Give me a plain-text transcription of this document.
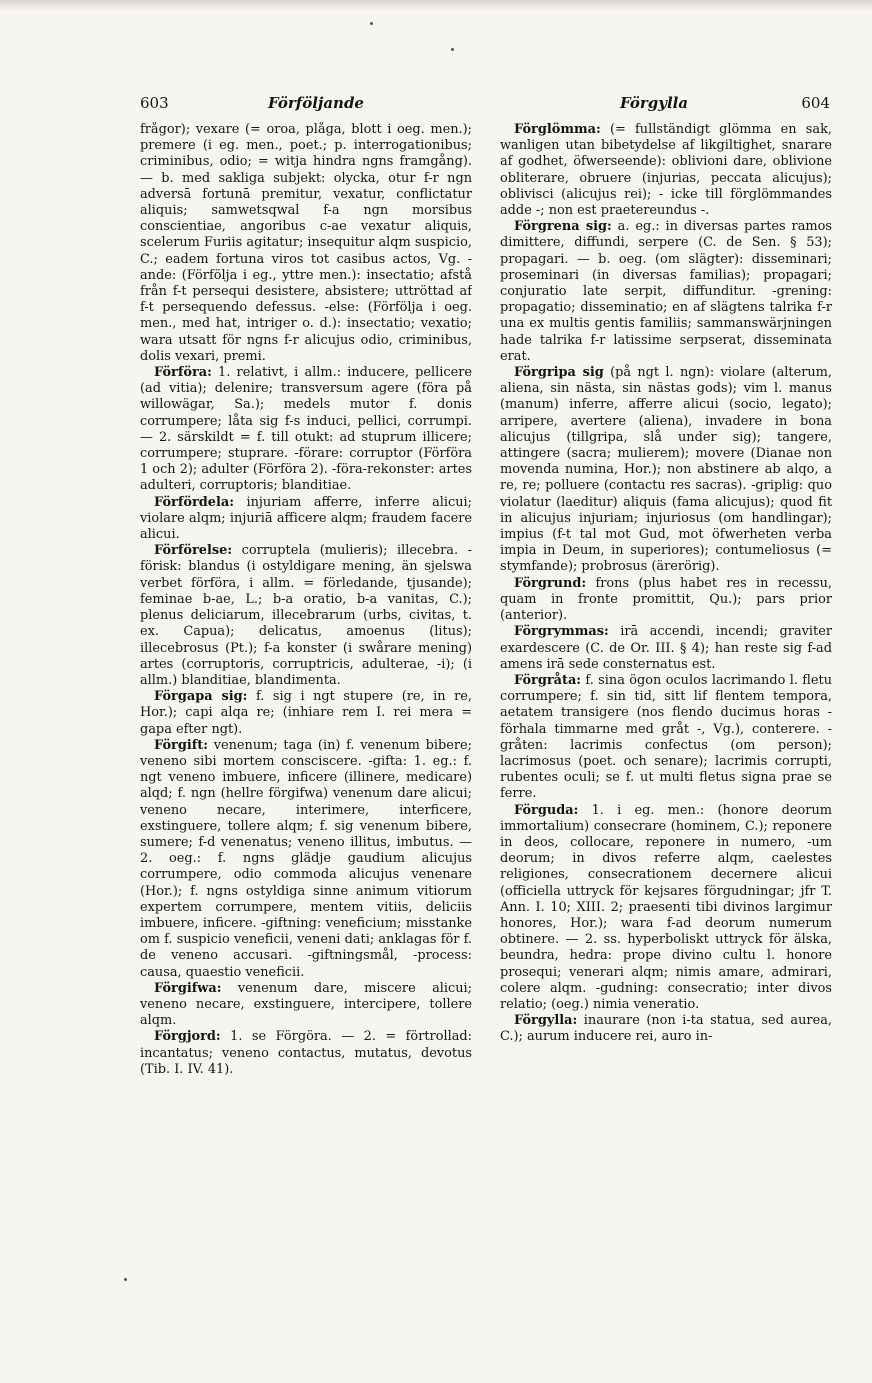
603	Förföljande	Förgylla	604

frågor); vexare (= oroa, plåga, blott i oeg. men.); premere (i eg. men., poet.; p. interrogationibus; criminibus, odio; = witja hindra ngns framgång). — b. med sakliga subjekt: olycka, otur f-r ngn adversā fortunā premitur, vexatur, conflictatur aliquis; samwetsqwal f-a ngn morsibus conscientiae, angoribus c-ae vexatur aliquis, scelerum Furiis agitatur; insequitur alqm suspicio, C.; eadem fortuna viros tot casibus actos, Vg. -ande: (Förfölja i eg., yttre men.): insectatio; afstå från f-t persequi desistere, absistere; uttröttad af f-t persequendo defessus. -else: (Förfölja i oeg. men., med hat, intriger o. d.): insectatio; vexatio; wara utsatt för ngns f-r alicujus odio, criminibus, dolis vexari, premi.

Förföra: 1. relativt, i allm.: inducere, pellicere (ad vitia); delenire; transversum agere (föra på willowägar, Sa.); medels mutor f. donis corrumpere; låta sig f-s induci, pellici, corrumpi. — 2. särskildt = f. till otukt: ad stuprum illicere; corrumpere; stuprare. -förare: corruptor (Förföra 1 och 2); adulter (Förföra 2). -föra-rekonster: artes adulteri, corruptoris; blanditiae.

Förfördela: injuriam afferre, inferre alicui; violare alqm; injuriā afficere alqm; fraudem facere alicui.

Förförelse: corruptela (mulieris); illecebra. -förisk: blandus (i ostyldigare mening, än sjelswa verbet förföra, i allm. = förledande, tjusande); feminae b-ae, L.; b-a oratio, b-a vanitas, C.); plenus deliciarum, illecebrarum (urbs, civitas, t. ex. Capua); delicatus, amoenus (litus); illecebrosus (Pt.); f-a konster (i swårare mening) artes (corruptoris, corruptricis, adulterae, -i); (i allm.) blanditiae, blandimenta.

Förgapa sig: f. sig i ngt stupere (re, in re, Hor.); capi alqa re; (inhiare rem I. rei mera = gapa efter ngt).

Förgift: venenum; taga (in) f. venenum bibere; veneno sibi mortem consciscere. -gifta: 1. eg.: f. ngt veneno imbuere, inficere (illinere, medicare) alqd; f. ngn (hellre förgifwa) venenum dare alicui; veneno necare, interimere, interficere, exstinguere, tollere alqm; f. sig venenum bibere, sumere; f-d venenatus; veneno illitus, imbutus. — 2. oeg.: f. ngns glädje gaudium alicujus corrumpere, odio commoda alicujus venenare (Hor.); f. ngns ostyldiga sinne animum vitiorum expertem corrumpere, mentem vitiis, deliciis imbuere, inficere. -giftning: veneficium; misstanke om f. suspicio veneficii, veneni dati; anklagas för f. de veneno accusari. -giftningsmål, -process: causa, quaestio veneficii.

Förgifwa: venenum dare, miscere alicui; veneno necare, exstinguere, intercipere, tollere alqm.

Förgjord: 1. se Förgöra. — 2. = förtrollad: incantatus; veneno contactus, mutatus, devotus (Tib. I. IV. 41).

Förglömma: (= fullständigt glömma en sak, wanligen utan bibetydelse af likgiltighet, snarare af godhet, öfwerseende): oblivioni dare, oblivione obliterare, obruere (injurias, peccata alicujus); oblivisci (alicujus rei); - icke till förglömmandes adde -; non est praetereundus -.

Förgrena sig: a. eg.: in diversas partes ramos dimittere, diffundi, serpere (C. de Sen. § 53); propagari. — b. oeg. (om slägter): disseminari; proseminari (in diversas familias); propagari; conjuratio late serpit, diffunditur. -grening: propagatio; disseminatio; en af slägtens talrika f-r una ex multis gentis familiis; sammanswärjningen hade talrika f-r latissime serpserat, disseminata erat.

Förgripa sig (på ngt l. ngn): violare (alterum, aliena, sin nästa, sin nästas gods); vim l. manus (manum) inferre, afferre alicui (socio, legato); arripere, avertere (aliena), invadere in bona alicujus (tillgripa, slå under sig); tangere, attingere (sacra; mulierem); movere (Dianae non movenda numina, Hor.); non abstinere ab alqo, a re, re; polluere (contactu res sacras). -griplig: quo violatur (laeditur) aliquis (fama alicujus); quod fit in alicujus injuriam; injuriosus (om handlingar); impius (f-t tal mot Gud, mot öfwerheten verba impia in Deum, in superiores); contumeliosus (= stymfande); probrosus (ärerörig).

Förgrund: frons (plus habet res in recessu, quam in fronte promittit, Qu.); pars prior (anterior).

Förgrymmas: irā accendi, incendi; graviter exardescere (C. de Or. III. § 4); han reste sig f-ad amens irā sede consternatus est.

Förgråta: f. sina ögon oculos lacrimando l. fletu corrumpere; f. sin tid, sitt lif flentem tempora, aetatem transigere (nos flendo ducimus horas - förhala timmarne med gråt -, Vg.), conterere. -gråten: lacrimis confectus (om person); lacrimosus (poet. och senare); lacrimis corrupti, rubentes oculi; se f. ut multi fletus signa prae se ferre.

Förguda: 1. i eg. men.: (honore deorum immortalium) consecrare (hominem, C.); reponere in deos, collocare, reponere in numero, -um deorum; in divos referre alqm, caelestes religiones, consecrationem decernere alicui (officiella uttryck för kejsares förgudningar; jfr T. Ann. I. 10; XIII. 2; praesenti tibi divinos largimur honores, Hor.); wara f-ad deorum numerum obtinere. — 2. ss. hyperboliskt uttryck för älska, beundra, hedra: prope divino cultu l. honore prosequi; venerari alqm; nimis amare, admirari, colere alqm. -gudning: consecratio; inter divos relatio; (oeg.) nimia veneratio.

Förgylla: inaurare (non i-ta statua, sed aurea, C.); aurum inducere rei, auro in-
